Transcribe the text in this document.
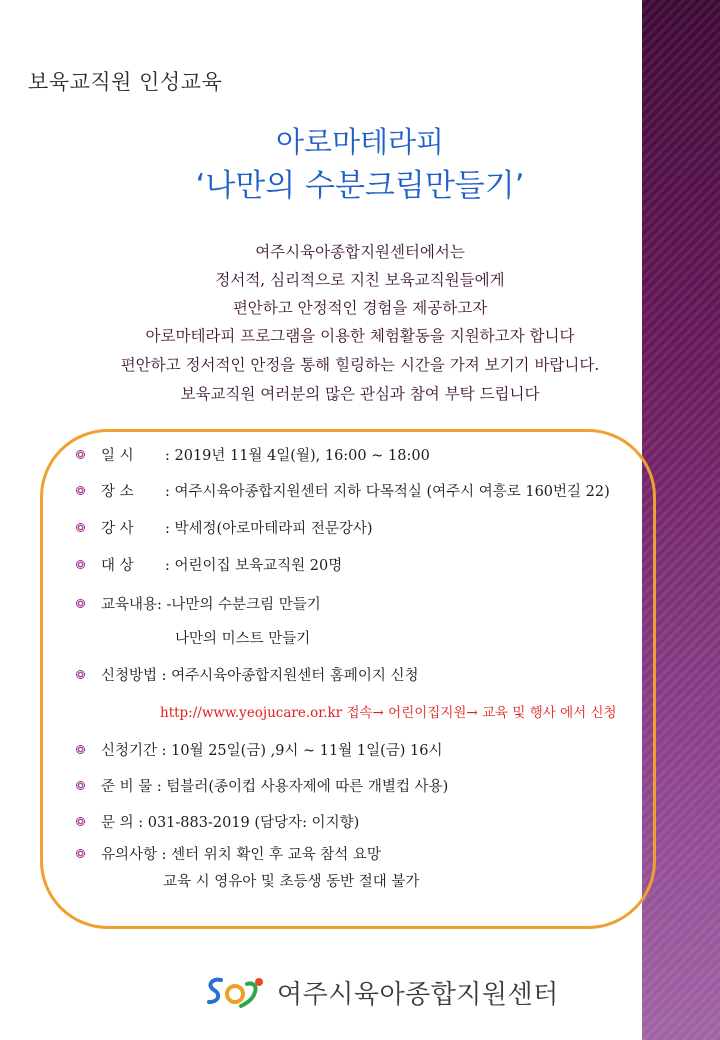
보육교직원 인성교육
아로마테라피
‘나만의 수분크림만들기’
여주시육아종합지원센터에서는
정서적, 심리적으로 지친 보육교직원들에게
편안하고 안정적인 경험을 제공하고자
아로마테라피 프로그램을 이용한 체험활동을 지원하고자 합니다
편안하고 정서적인 안정을 통해 힐링하는 시간을 가져 보기기 바랍니다.
보육교직원 여러분의 많은 관심과 참여 부탁 드립니다
일 시 : 2019년 11월 4일(월), 16:00 ~ 18:00
장 소 : 여주시육아종합지원센터 지하 다목적실 (여주시 여흥로 160번길 22)
강 사 : 박세정(아로마테라피 전문강사)
대 상 : 어린이집 보육교직원 20명
교육내용: -나만의 수분크림 만들기
나만의 미스트 만들기
신청방법 : 여주시육아종합지원센터 홈페이지 신청
http://www.yeojucare.or.kr 접속→ 어린이집지원→ 교육 및 행사 에서 신청
신청기간 : 10월 25일(금) ,9시 ~ 11월 1일(금) 16시
준 비 물 : 텀블러(종이컵 사용자제에 따른 개별컵 사용)
문 의 : 031-883-2019 (담당자: 이지향)
유의사항 : 센터 위치 확인 후 교육 참석 요망
교육 시 영유아 및 초등생 동반 절대 불가
여주시육아종합지원센터
